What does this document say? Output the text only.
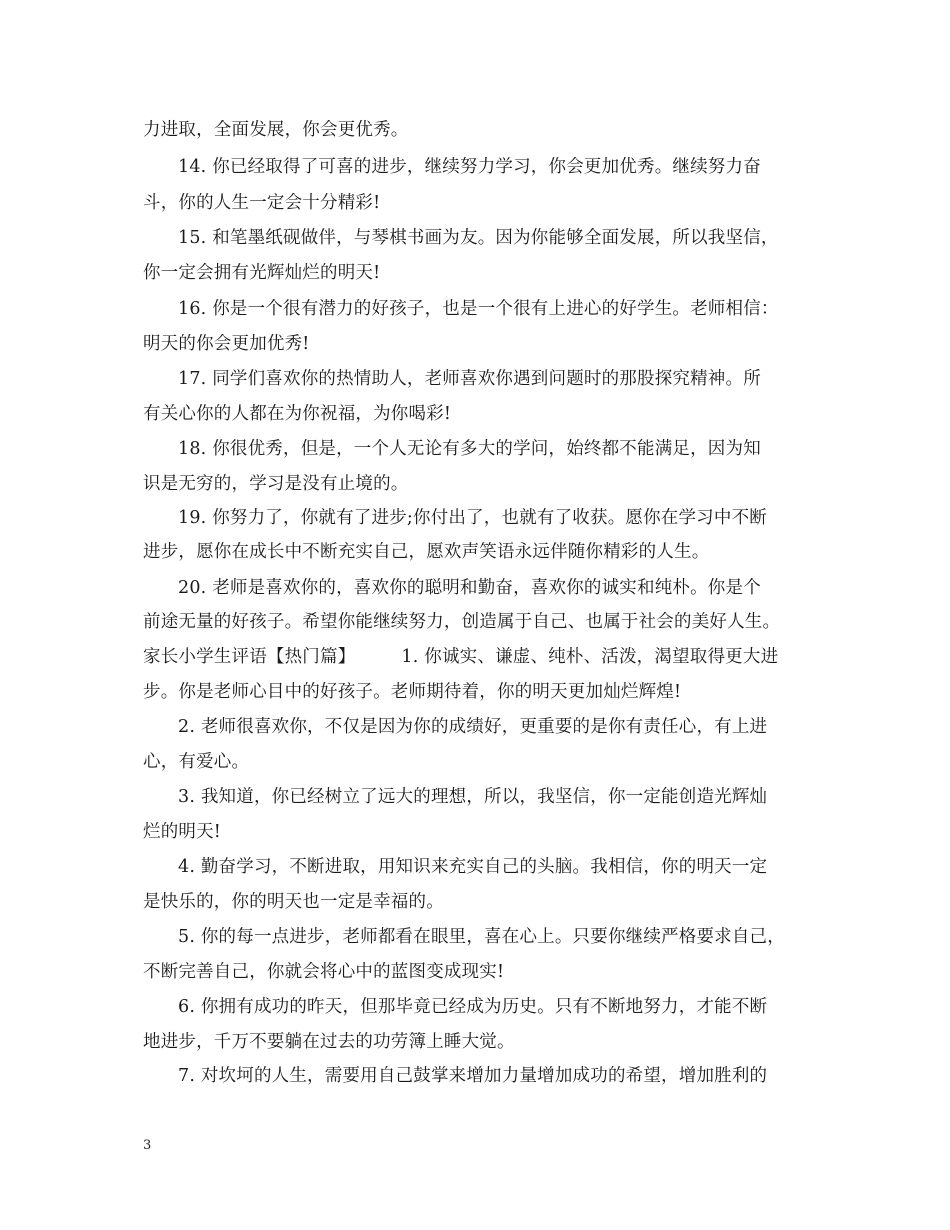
力进取，全面发展，你会更优秀。
14. 你已经取得了可喜的进步，继续努力学习，你会更加优秀。继续努力奋
斗，你的人生一定会十分精彩!
15. 和笔墨纸砚做伴，与琴棋书画为友。因为你能够全面发展，所以我坚信，
你一定会拥有光辉灿烂的明天!
16. 你是一个很有潜力的好孩子，也是一个很有上进心的好学生。老师相信：
明天的你会更加优秀!
17. 同学们喜欢你的热情助人，老师喜欢你遇到问题时的那股探究精神。所
有关心你的人都在为你祝福，为你喝彩!
18. 你很优秀，但是，一个人无论有多大的学问，始终都不能满足，因为知
识是无穷的，学习是没有止境的。
19. 你努力了，你就有了进步;你付出了，也就有了收获。愿你在学习中不断
进步，愿你在成长中不断充实自己，愿欢声笑语永远伴随你精彩的人生。
20. 老师是喜欢你的，喜欢你的聪明和勤奋，喜欢你的诚实和纯朴。你是个
前途无量的好孩子。希望你能继续努力，创造属于自己、也属于社会的美好人生。
家长小学生评语【热门篇】	1. 你诚实、谦虚、纯朴、活泼，渴望取得更大进
步。你是老师心目中的好孩子。老师期待着，你的明天更加灿烂辉煌!
2. 老师很喜欢你，不仅是因为你的成绩好，更重要的是你有责任心，有上进
心，有爱心。
3. 我知道，你已经树立了远大的理想，所以，我坚信，你一定能创造光辉灿
烂的明天!
4. 勤奋学习，不断进取，用知识来充实自己的头脑。我相信，你的明天一定
是快乐的，你的明天也一定是幸福的。
5. 你的每一点进步，老师都看在眼里，喜在心上。只要你继续严格要求自己，
不断完善自己，你就会将心中的蓝图变成现实!
6. 你拥有成功的昨天，但那毕竟已经成为历史。只有不断地努力，才能不断
地进步，千万不要躺在过去的功劳簿上睡大觉。
7. 对坎坷的人生，需要用自己鼓掌来增加力量增加成功的希望，增加胜利的
3
